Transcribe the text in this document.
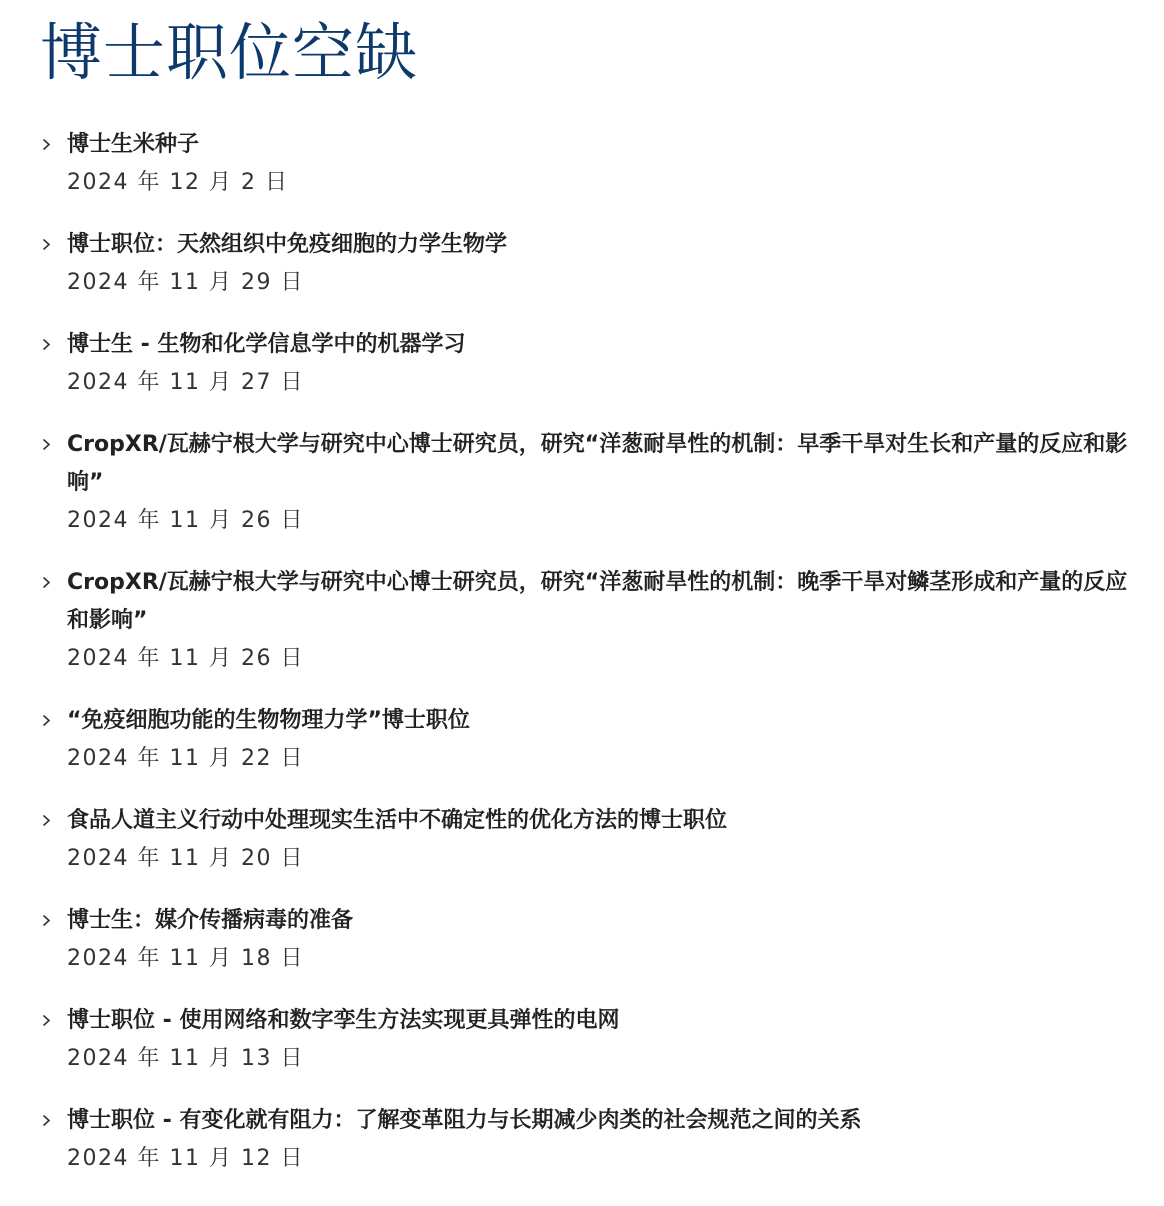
博士职位空缺
博士生米种子
2024 年 12 月 2 日
博士职位：天然组织中免疫细胞的力学生物学
2024 年 11 月 29 日
博士生 - 生物和化学信息学中的机器学习
2024 年 11 月 27 日
CropXR/瓦赫宁根大学与研究中心博士研究员，研究“洋葱耐旱性的机制：早季干旱对生长和产量的反应和影响”
2024 年 11 月 26 日
CropXR/瓦赫宁根大学与研究中心博士研究员，研究“洋葱耐旱性的机制：晚季干旱对鳞茎形成和产量的反应和影响”
2024 年 11 月 26 日
“免疫细胞功能的生物物理力学”博士职位
2024 年 11 月 22 日
食品人道主义行动中处理现实生活中不确定性的优化方法的博士职位
2024 年 11 月 20 日
博士生：媒介传播病毒的准备
2024 年 11 月 18 日
博士职位 - 使用网络和数字孪生方法实现更具弹性的电网
2024 年 11 月 13 日
博士职位 - 有变化就有阻力：了解变革阻力与长期减少肉类的社会规范之间的关系
2024 年 11 月 12 日
